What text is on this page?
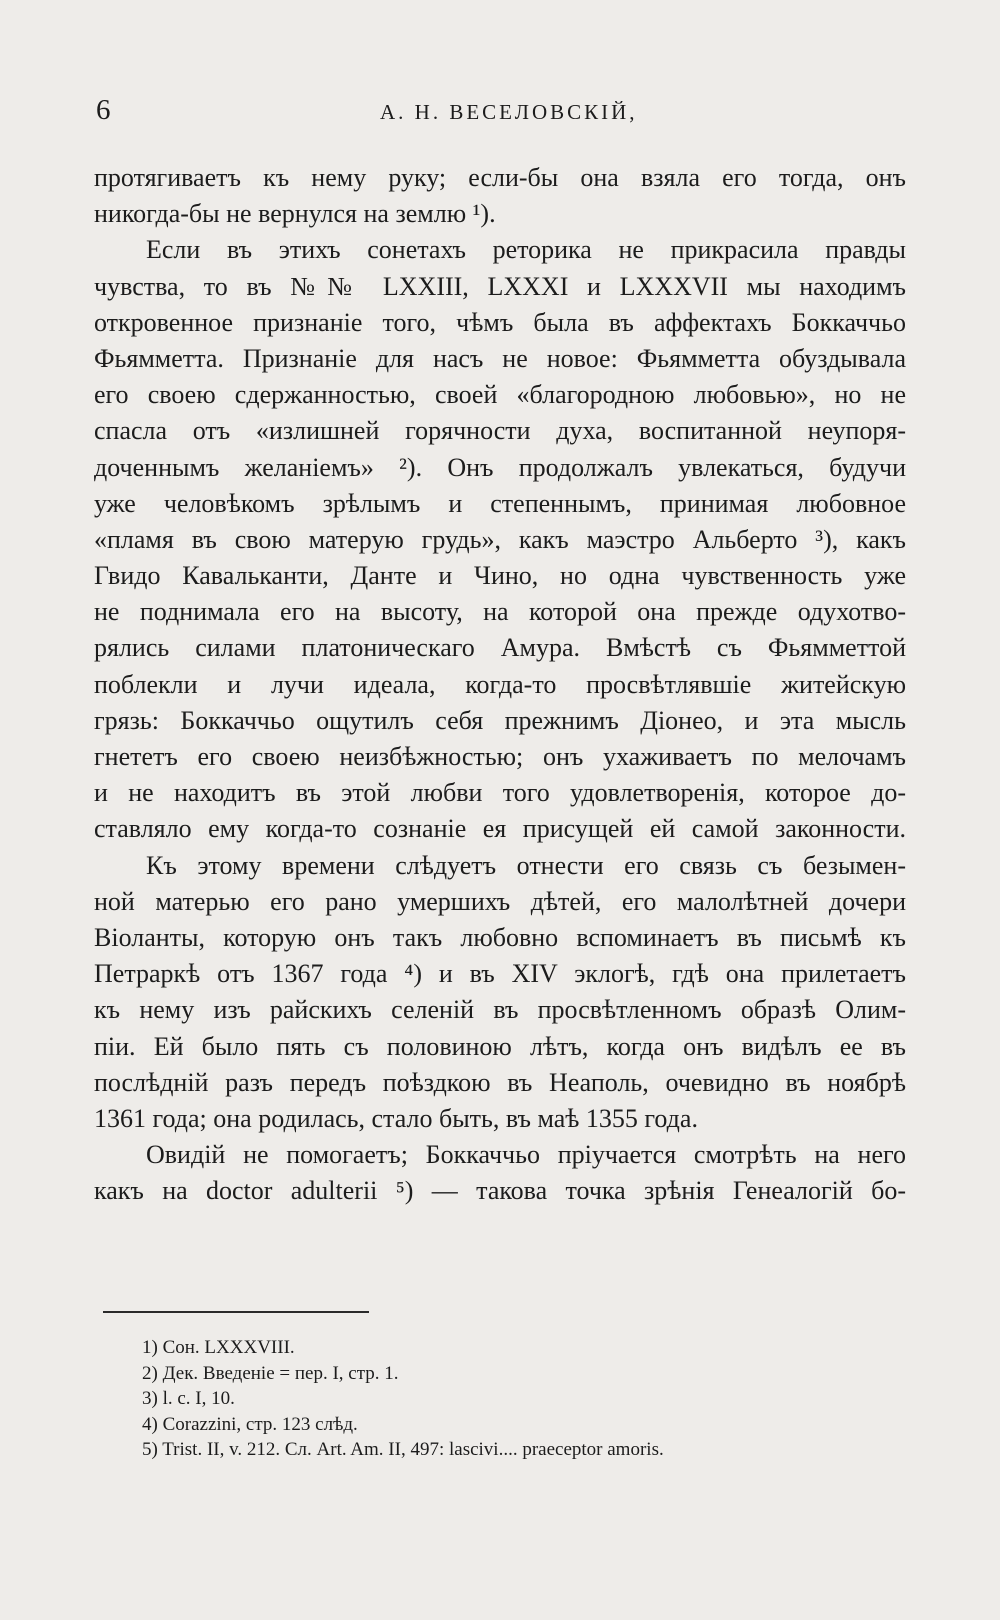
6	А. Н. ВЕСЕЛОВСКІЙ,
протягиваетъ къ нему руку; если-бы она взяла его тогда, онъ
никогда-бы не вернулся на землю ¹).
Если въ этихъ сонетахъ реторика не прикрасила правды
чувства, то въ №№ LXXIII, LXXXI и LXXXVII мы находимъ
откровенное признаніе того, чѣмъ была въ аффектахъ Боккаччьо
Фьямметта. Признаніе для насъ не новое: Фьямметта обуздывала
его своею сдержанностью, своей «благородною любовью», но не
спасла отъ «излишней горячности духа, воспитанной неупоря-
доченнымъ желаніемъ» ²). Онъ продолжалъ увлекаться, будучи
уже человѣкомъ зрѣлымъ и степеннымъ, принимая любовное
«пламя въ свою матерую грудь», какъ маэстро Альберто ³), какъ
Гвидо Кавальканти, Данте и Чино, но одна чувственность уже
не поднимала его на высоту, на которой она прежде одухотво-
рялись силами платоническаго Амура. Вмѣстѣ съ Фьямметтой
поблекли и лучи идеала, когда-то просвѣтлявшіе житейскую
грязь: Боккаччьо ощутилъ себя прежнимъ Діонео, и эта мысль
гнететъ его своею неизбѣжностью; онъ ухаживаетъ по мелочамъ
и не находитъ въ этой любви того удовлетворенія, которое до-
ставляло ему когда-то сознаніе ея присущей ей самой законности.
Къ этому времени слѣдуетъ отнести его связь съ безымен-
ной матерью его рано умершихъ дѣтей, его малолѣтней дочери
Віоланты, которую онъ такъ любовно вспоминаетъ въ письмѣ къ
Петраркѣ отъ 1367 года ⁴) и въ XIV эклогѣ, гдѣ она прилетаетъ
къ нему изъ райскихъ селеній въ просвѣтленномъ образѣ Олим-
піи. Ей было пять съ половиною лѣтъ, когда онъ видѣлъ ее въ
послѣдній разъ передъ поѣздкою въ Неаполь, очевидно въ ноябрѣ
1361 года; она родилась, стало быть, въ маѣ 1355 года.
Овидій не помогаетъ; Боккаччьо пріучается смотрѣть на него
какъ на doctor adulterii ⁵) — такова точка зрѣнія Генеалогій бо-
1) Сон. LXXXVIII.
2) Дек. Введеніе = пер. I, стр. 1.
3) l. c. I, 10.
4) Corazzini, стр. 123 слѣд.
5) Trist. II, v. 212. Сл. Art. Am. II, 497: lascivi.... praeceptor amoris.
